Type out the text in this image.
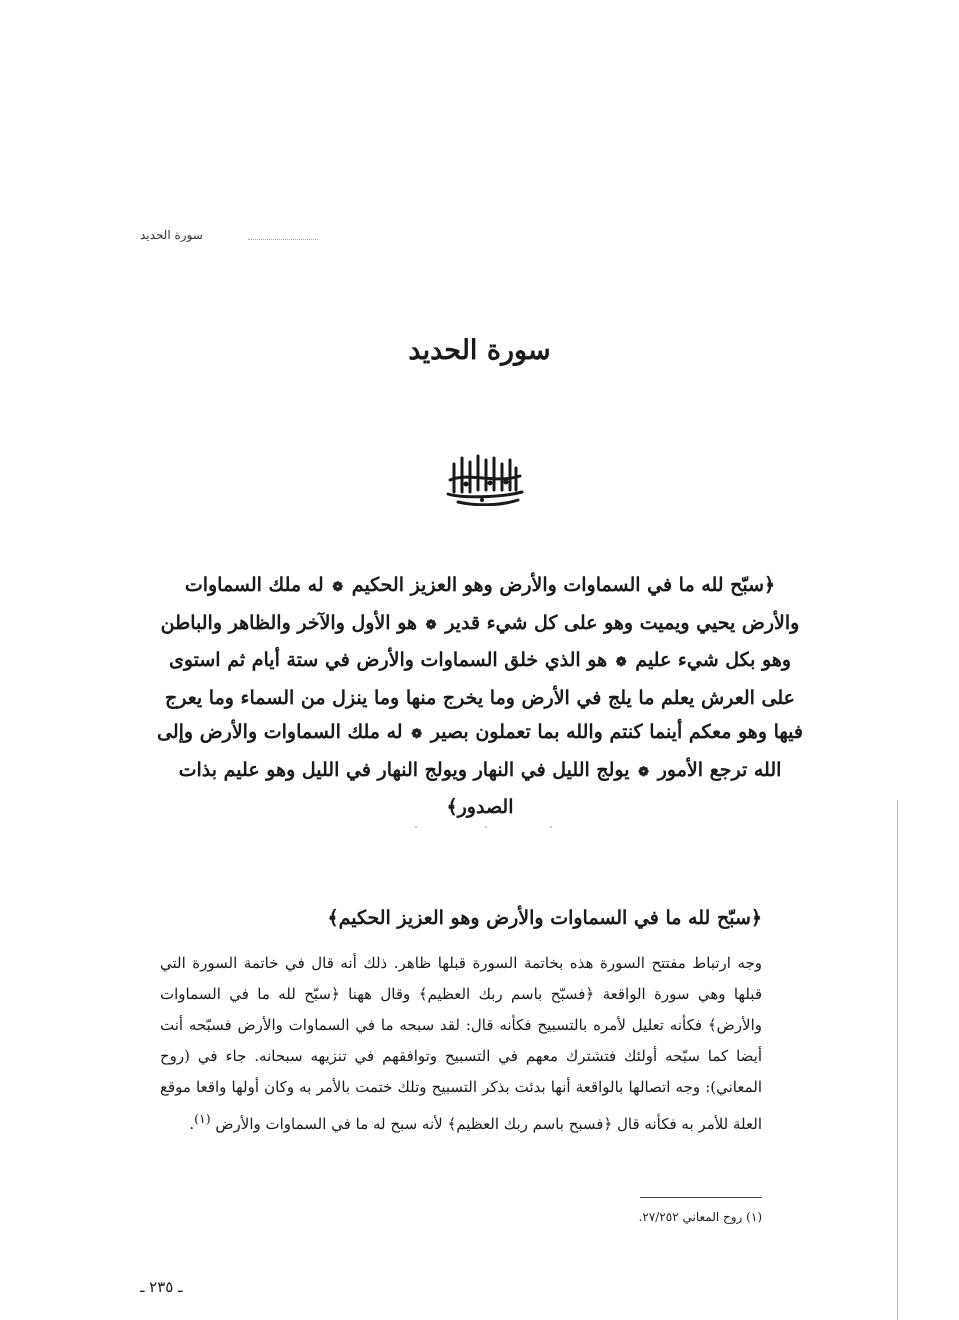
سورة الحديد
سورة الحديد
﴿سبّح لله ما في السماوات والأرض وهو العزيز الحكيم ❁ له ملك السماوات والأرض يحيي ويميت وهو على كل شيء قدير ❁ هو الأول والآخر والظاهر والباطن وهو بكل شيء عليم ❁ هو الذي خلق السماوات والأرض في ستة أيام ثم استوى على العرش يعلم ما يلج في الأرض وما يخرج منها وما ينزل من السماء وما يعرج فيها وهو معكم أينما كنتم والله بما تعملون بصير ❁ له ملك السماوات والأرض وإلى الله ترجع الأمور ❁ يولج الليل في النهار ويولج النهار في الليل وهو عليم بذات الصدور﴾
﴿سبّح لله ما في السماوات والأرض وهو العزيز الحكيم﴾
وجه ارتباط مفتتح السورة هذه بخاتمة السورة قبلها ظاهر. ذلك أنه قال في خاتمة السورة التي قبلها وهي سورة الواقعة ﴿فسبّح باسم ربك العظيم﴾ وقال ههنا ﴿سبّح لله ما في السماوات والأرض﴾ فكأنه تعليل لأمره بالتسبيح فكأنه قال: لقد سبحه ما في السماوات والأرض فسبّحه أنت أيضا كما سبّحه أولئك فتشترك معهم في التسبيح وتوافقهم في تنزيهه سبحانه. جاء في (روح المعاني): وجه اتصالها بالواقعة أنها بدئت بذكر التسبيح وتلك ختمت بالأمر به وكان أولها واقعا موقع العلة للأمر به فكأنه قال ﴿فسبح باسم ربك العظيم﴾ لأنه سبح له ما في السماوات والأرض $^{(١)}$.
(١) روح المعاني ٢٧/٢٥٢.
ـ ٢٣٥ ـ
